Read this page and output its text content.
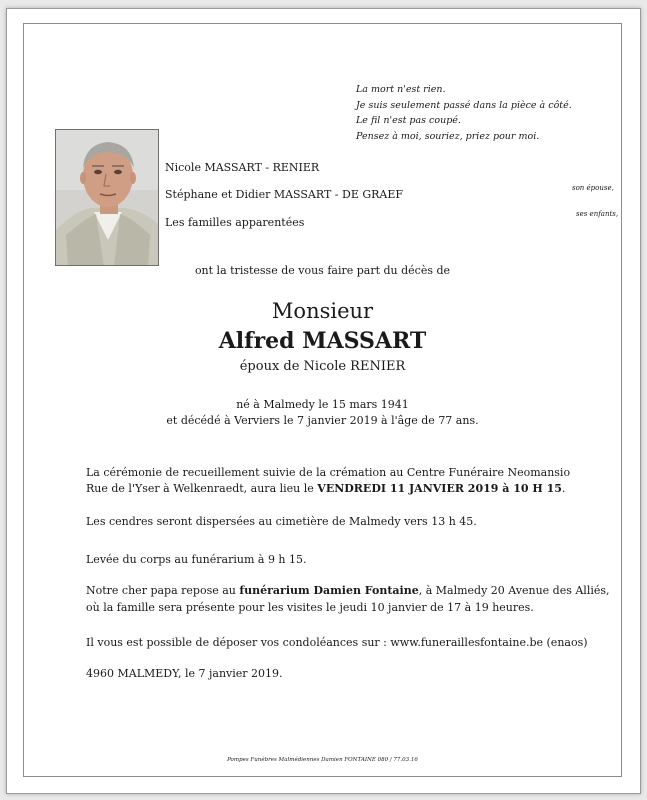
La mort n'est rien.
Je suis seulement passé dans la pièce à côté.
Le fil n'est pas coupé.
Pensez à moi, souriez, priez pour moi.
Nicole MASSART - RENIER
son épouse,
Stéphane et Didier MASSART - DE GRAEF
ses enfants,
Les familles apparentées
ont la tristesse de vous faire part du décès de
Monsieur
Alfred MASSART
époux de Nicole RENIER
né à Malmedy le 15 mars 1941
et décédé à Verviers le 7 janvier 2019 à l'âge de 77 ans.
La cérémonie de recueillement suivie de la crémation au Centre Funéraire Neomansio
Rue de l'Yser à Welkenraedt, aura lieu le VENDREDI 11 JANVIER 2019 à 10 H 15.
Les cendres seront dispersées au cimetière de Malmedy vers 13 h 45.
Levée du corps au funérarium à 9 h 15.
Notre cher papa repose au funérarium Damien Fontaine, à Malmedy 20 Avenue des Alliés,
où la famille sera présente pour les visites le jeudi 10 janvier de 17 à 19 heures.
Il vous est possible de déposer vos condoléances sur : www.funeraillesfontaine.be (enaos)
4960 MALMEDY, le 7 janvier 2019.
Pompes Funèbres Malmédiennes Damien FONTAINE 080 / 77.03.16
